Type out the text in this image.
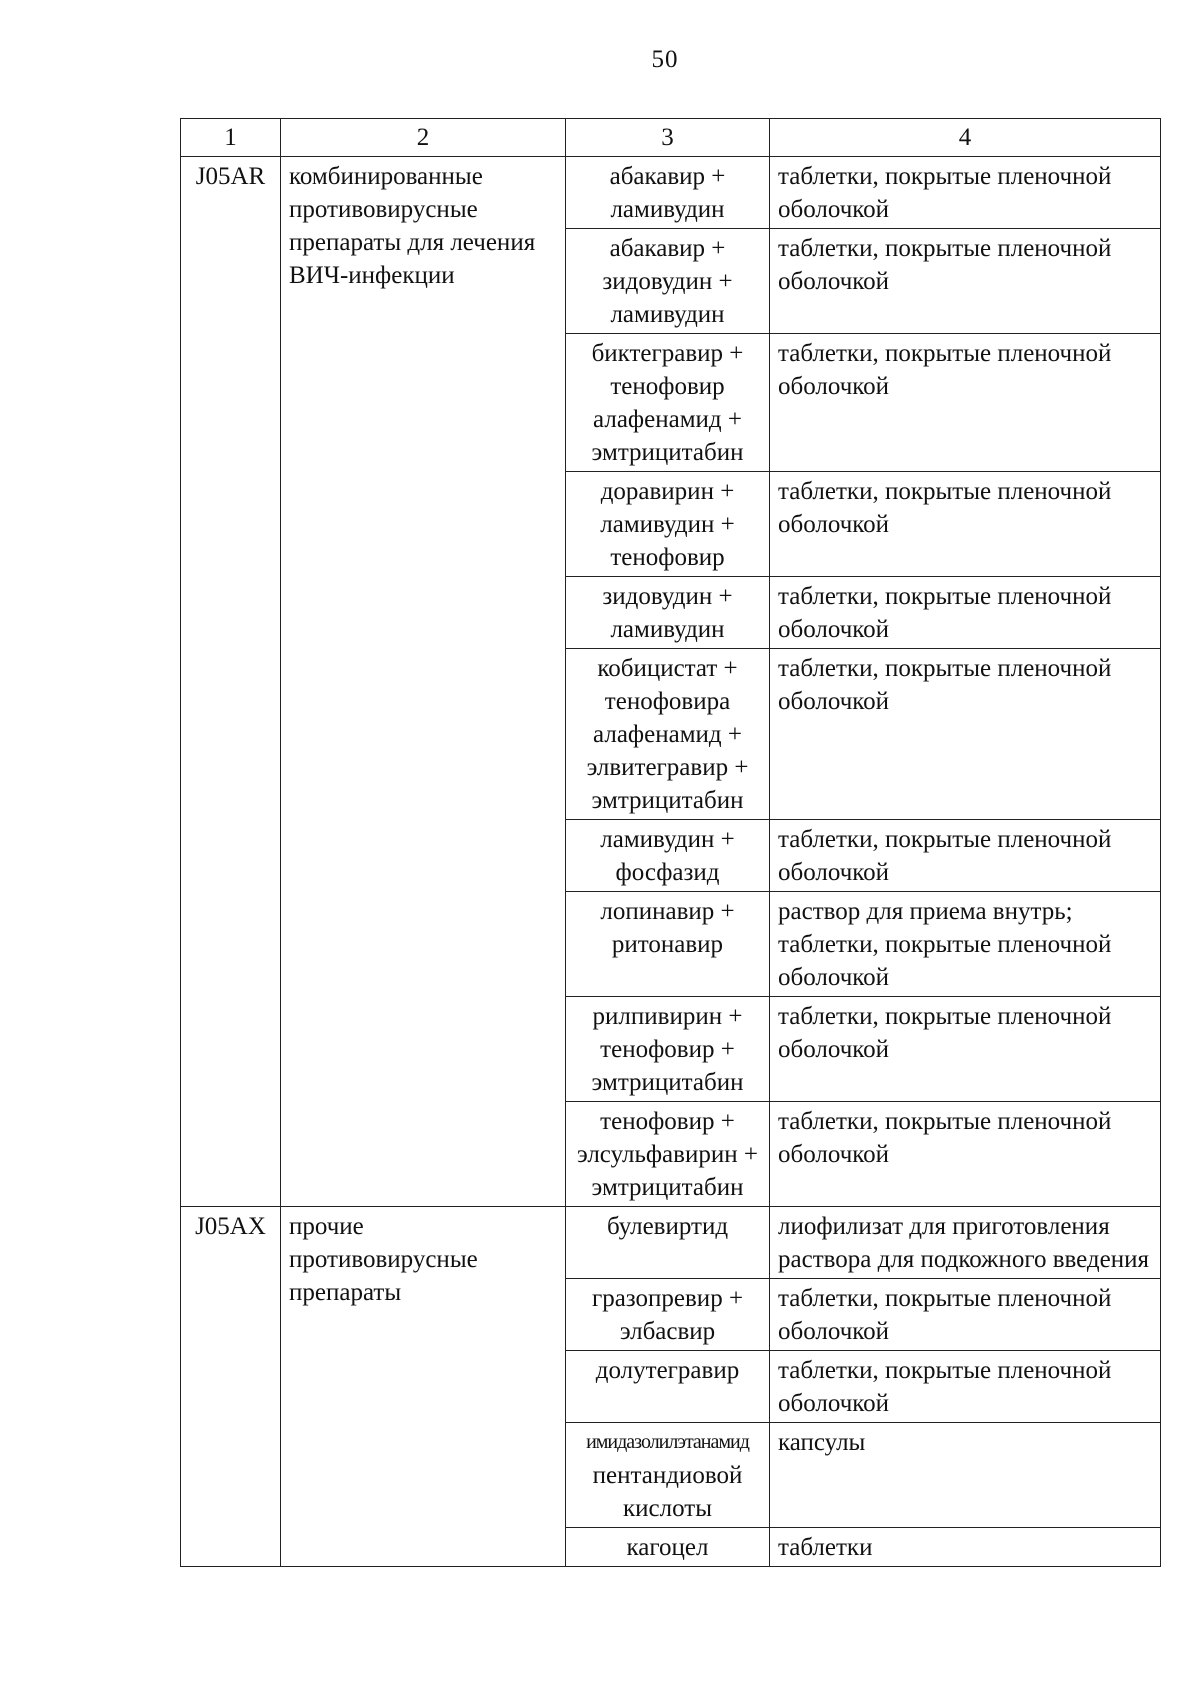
50
1	2	3	4
J05AR	комбинированные противовирусные препараты для лечения ВИЧ-инфекции	абакавир +
ламивудин	таблетки, покрытые пленочной оболочкой

		абакавир +
зидовудин +
ламивудин	таблетки, покрытые пленочной оболочкой

		биктегравир +
тенофовир
алафенамид +
эмтрицитабин	таблетки, покрытые пленочной оболочкой

		доравирин +
ламивудин +
тенофовир	таблетки, покрытые пленочной оболочкой

		зидовудин +
ламивудин	таблетки, покрытые пленочной оболочкой

		кобицистат +
тенофовира
алафенамид +
элвитегравир +
эмтрицитабин	таблетки, покрытые пленочной оболочкой

		ламивудин +
фосфазид	таблетки, покрытые пленочной оболочкой

		лопинавир +
ритонавир	раствор для приема внутрь; таблетки, покрытые пленочной оболочкой

		рилпивирин +
тенофовир +
эмтрицитабин	таблетки, покрытые пленочной оболочкой

		тенофовир +
элсульфавирин +
эмтрицитабин	таблетки, покрытые пленочной оболочкой
J05AX	прочие противовирусные препараты	булевиртид	лиофилизат для приготовления раствора для подкожного введения

		гразопревир +
элбасвир	таблетки, покрытые пленочной оболочкой

		долутегравир	таблетки, покрытые пленочной оболочкой

		имидазолилэтанамид
пентандиовой
кислоты	капсулы

		кагоцел	таблетки
